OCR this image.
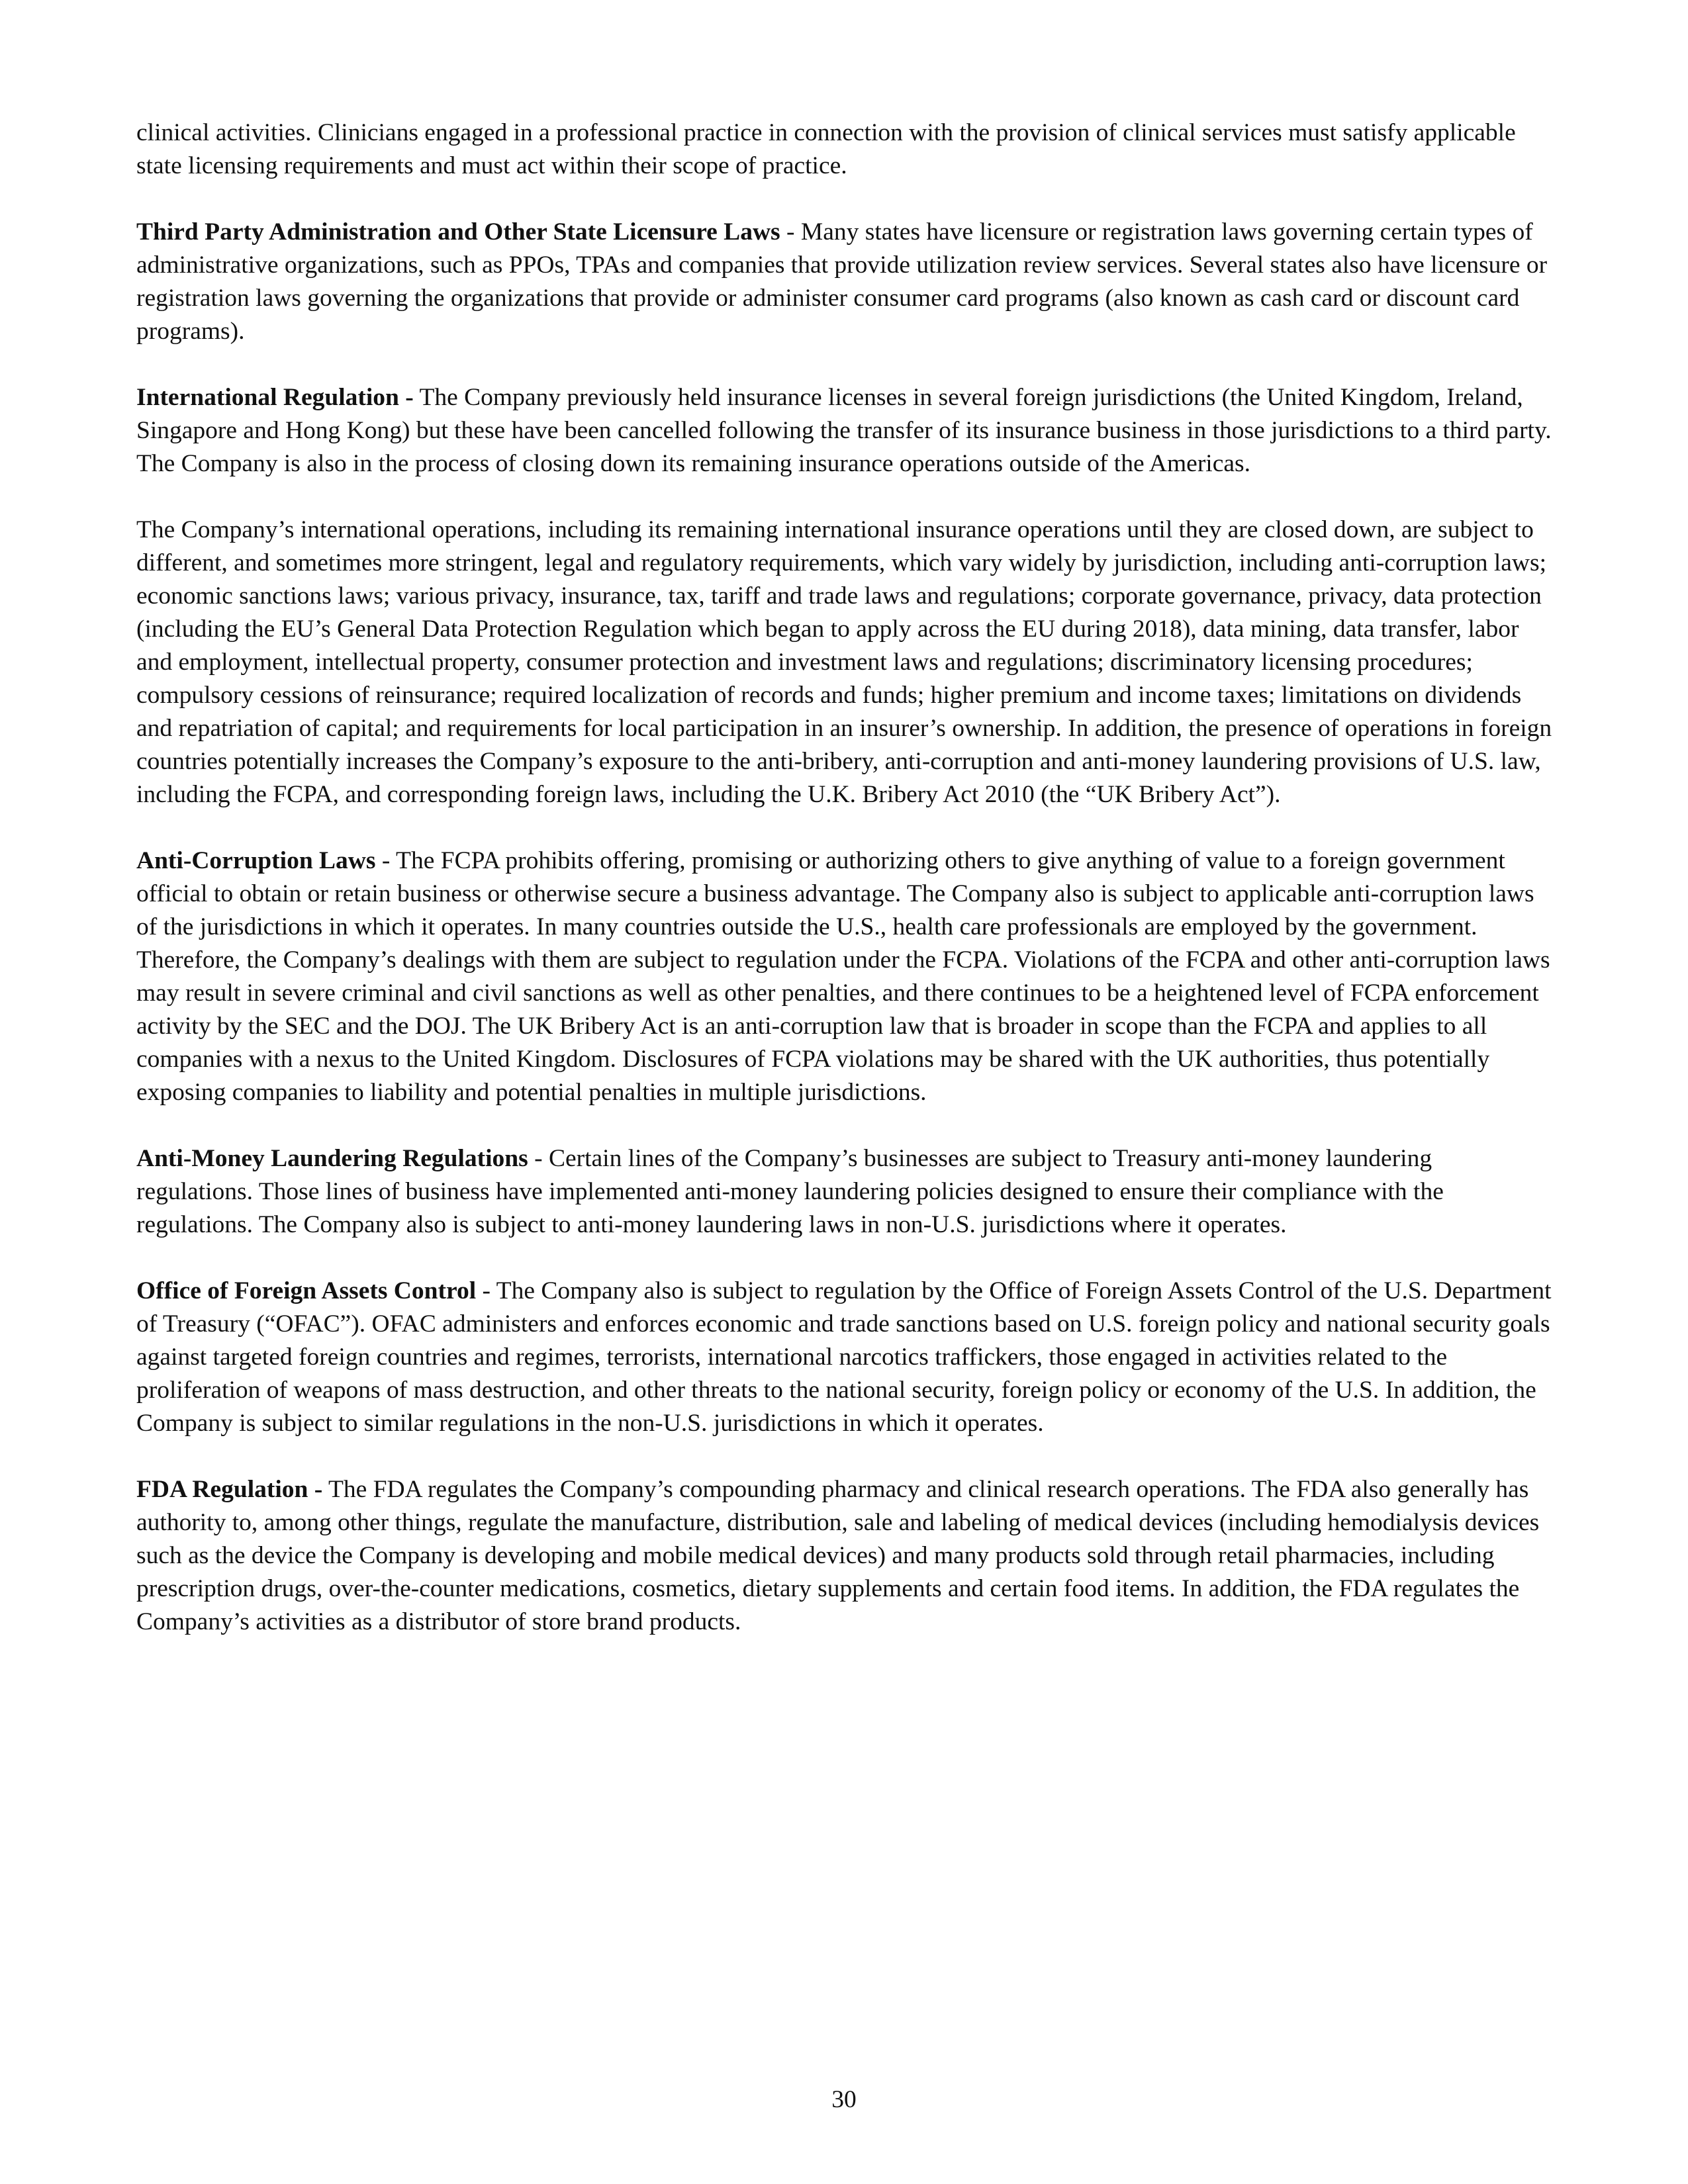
clinical activities. Clinicians engaged in a professional practice in connection with the provision of clinical services must satisfy applicable state licensing requirements and must act within their scope of practice.

Third Party Administration and Other State Licensure Laws - Many states have licensure or registration laws governing certain types of administrative organizations, such as PPOs, TPAs and companies that provide utilization review services. Several states also have licensure or registration laws governing the organizations that provide or administer consumer card programs (also known as cash card or discount card programs).

International Regulation - The Company previously held insurance licenses in several foreign jurisdictions (the United Kingdom, Ireland, Singapore and Hong Kong) but these have been cancelled following the transfer of its insurance business in those jurisdictions to a third party. The Company is also in the process of closing down its remaining insurance operations outside of the Americas.

The Company’s international operations, including its remaining international insurance operations until they are closed down, are subject to different, and sometimes more stringent, legal and regulatory requirements, which vary widely by jurisdiction, including anti-corruption laws; economic sanctions laws; various privacy, insurance, tax, tariff and trade laws and regulations; corporate governance, privacy, data protection (including the EU’s General Data Protection Regulation which began to apply across the EU during 2018), data mining, data transfer, labor and employment, intellectual property, consumer protection and investment laws and regulations; discriminatory licensing procedures; compulsory cessions of reinsurance; required localization of records and funds; higher premium and income taxes; limitations on dividends and repatriation of capital; and requirements for local participation in an insurer’s ownership. In addition, the presence of operations in foreign countries potentially increases the Company’s exposure to the anti-bribery, anti-corruption and anti-money laundering provisions of U.S. law, including the FCPA, and corresponding foreign laws, including the U.K. Bribery Act 2010 (the “UK Bribery Act”).

Anti-Corruption Laws - The FCPA prohibits offering, promising or authorizing others to give anything of value to a foreign government official to obtain or retain business or otherwise secure a business advantage. The Company also is subject to applicable anti-corruption laws of the jurisdictions in which it operates. In many countries outside the U.S., health care professionals are employed by the government. Therefore, the Company’s dealings with them are subject to regulation under the FCPA. Violations of the FCPA and other anti-corruption laws may result in severe criminal and civil sanctions as well as other penalties, and there continues to be a heightened level of FCPA enforcement activity by the SEC and the DOJ. The UK Bribery Act is an anti-corruption law that is broader in scope than the FCPA and applies to all companies with a nexus to the United Kingdom. Disclosures of FCPA violations may be shared with the UK authorities, thus potentially exposing companies to liability and potential penalties in multiple jurisdictions.

Anti-Money Laundering Regulations - Certain lines of the Company’s businesses are subject to Treasury anti-money laundering regulations. Those lines of business have implemented anti-money laundering policies designed to ensure their compliance with the regulations. The Company also is subject to anti-money laundering laws in non-U.S. jurisdictions where it operates.

Office of Foreign Assets Control - The Company also is subject to regulation by the Office of Foreign Assets Control of the U.S. Department of Treasury (“OFAC”). OFAC administers and enforces economic and trade sanctions based on U.S. foreign policy and national security goals against targeted foreign countries and regimes, terrorists, international narcotics traffickers, those engaged in activities related to the proliferation of weapons of mass destruction, and other threats to the national security, foreign policy or economy of the U.S. In addition, the Company is subject to similar regulations in the non-U.S. jurisdictions in which it operates.

FDA Regulation - The FDA regulates the Company’s compounding pharmacy and clinical research operations. The FDA also generally has authority to, among other things, regulate the manufacture, distribution, sale and labeling of medical devices (including hemodialysis devices such as the device the Company is developing and mobile medical devices) and many products sold through retail pharmacies, including prescription drugs, over-the-counter medications, cosmetics, dietary supplements and certain food items. In addition, the FDA regulates the Company’s activities as a distributor of store brand products.

30
